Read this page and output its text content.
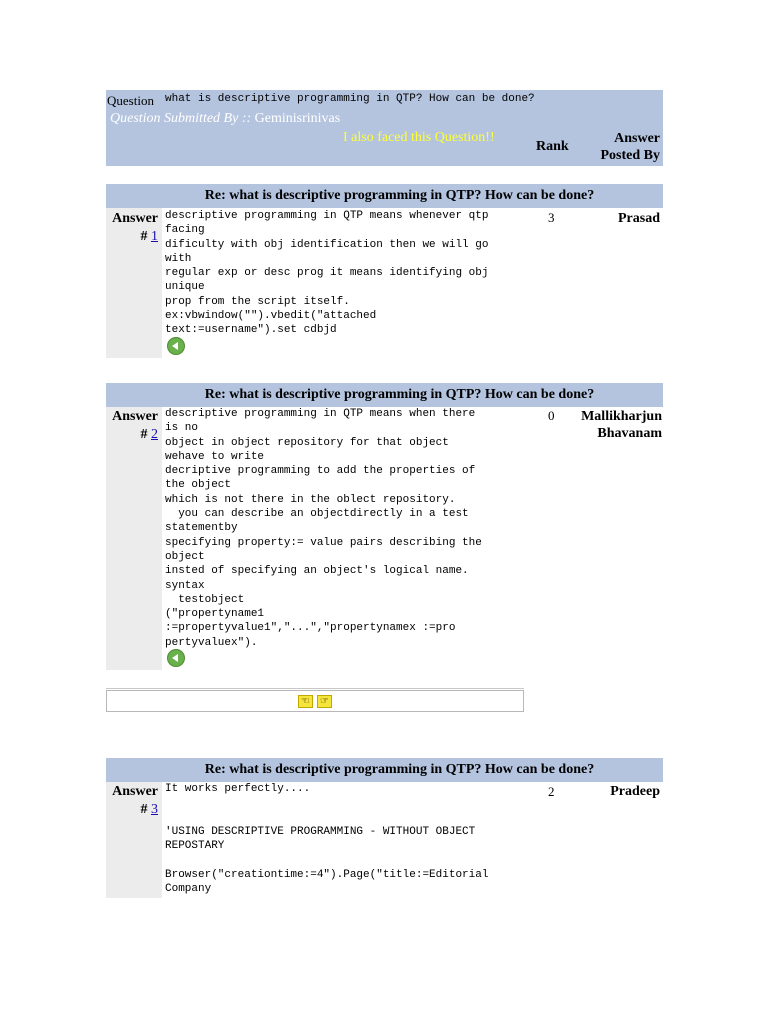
Question what is descriptive programming in QTP? How can be done?
Question Submitted By :: Geminisrinivas
I also faced this Question!!
Rank
Answer
Posted By
Re: what is descriptive programming in QTP? How can be done?
Answer
# 1
descriptive programming in QTP means whenever qtp
facing
dificulty with obj identification then we will go
with
regular exp or desc prog it means identifying obj
unique
prop from the script itself.
ex:vbwindow("").vbedit("attached
text:=username").set cdbjd
3	Prasad
Re: what is descriptive programming in QTP? How can be done?
Answer
# 2
descriptive programming in QTP means when there
is no
object in object repository for that object
wehave to write
decriptive programming to add the properties of
the object
which is not there in the oblect repository.
you can describe an objectdirectly in a test
statementby
specifying property:= value pairs describing the
object
insted of specifying an object's logical name.
syntax
testobject
("propertyname1
:=propertyvalue1","...","propertynamex :=pro
pertyvaluex").
0	Mallikharjun Bhavanam
☜	☞
Re: what is descriptive programming in QTP? How can be done?
Answer
# 3
It works perfectly....

'USING DESCRIPTIVE PROGRAMMING - WITHOUT OBJECT
REPOSTARY

Browser("creationtime:=4").Page("title:=Editorial
Company
2	Pradeep
